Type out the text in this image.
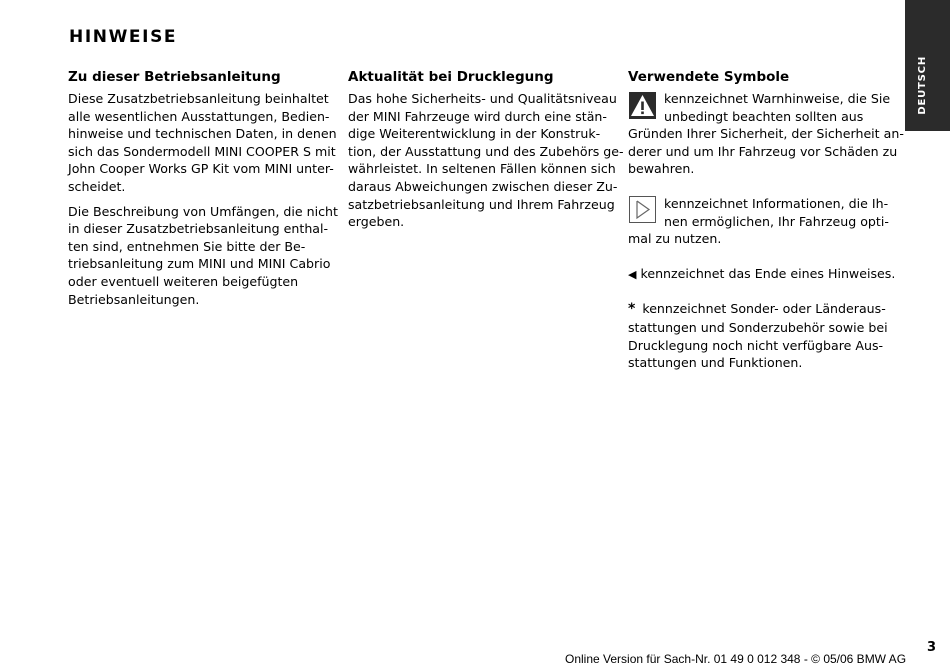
HINWEISE
DEUTSCH
Zu dieser Betriebsanleitung

Diese Zusatzbetriebsanleitung beinhaltet
alle wesentlichen Ausstattungen, Bedien-
hinweise und technischen Daten, in denen
sich das Sondermodell MINI COOPER S mit
John Cooper Works GP Kit vom MINI unter-
scheidet.

Die Beschreibung von Umfängen, die nicht
in dieser Zusatzbetriebsanleitung enthal-
ten sind, entnehmen Sie bitte der Be-
triebsanleitung zum MINI und MINI Cabrio
oder eventuell weiteren beigefügten
Betriebsanleitungen.

Aktualität bei Drucklegung

Das hohe Sicherheits- und Qualitätsniveau
der MINI Fahrzeuge wird durch eine stän-
dige Weiterentwicklung in der Konstruk-
tion, der Ausstattung und des Zubehörs ge-
währleistet. In seltenen Fällen können sich
daraus Abweichungen zwischen dieser Zu-
satzbetriebsanleitung und Ihrem Fahrzeug
ergeben.

Verwendete Symbole
kennzeichnet Warnhinweise, die Sie
unbedingt beachten sollten aus
Gründen Ihrer Sicherheit, der Sicherheit an-
derer und um Ihr Fahrzeug vor Schäden zu
bewahren.
kennzeichnet Informationen, die Ih-
nen ermöglichen, Ihr Fahrzeug opti-
mal zu nutzen.
◀ kennzeichnet das Ende eines Hinweises.
* kennzeichnet Sonder- oder Länderaus-
stattungen und Sonderzubehör sowie bei
Drucklegung noch nicht verfügbare Aus-
stattungen und Funktionen.
3
Online Version für Sach-Nr. 01 49 0 012 348 - © 05/06 BMW AG
